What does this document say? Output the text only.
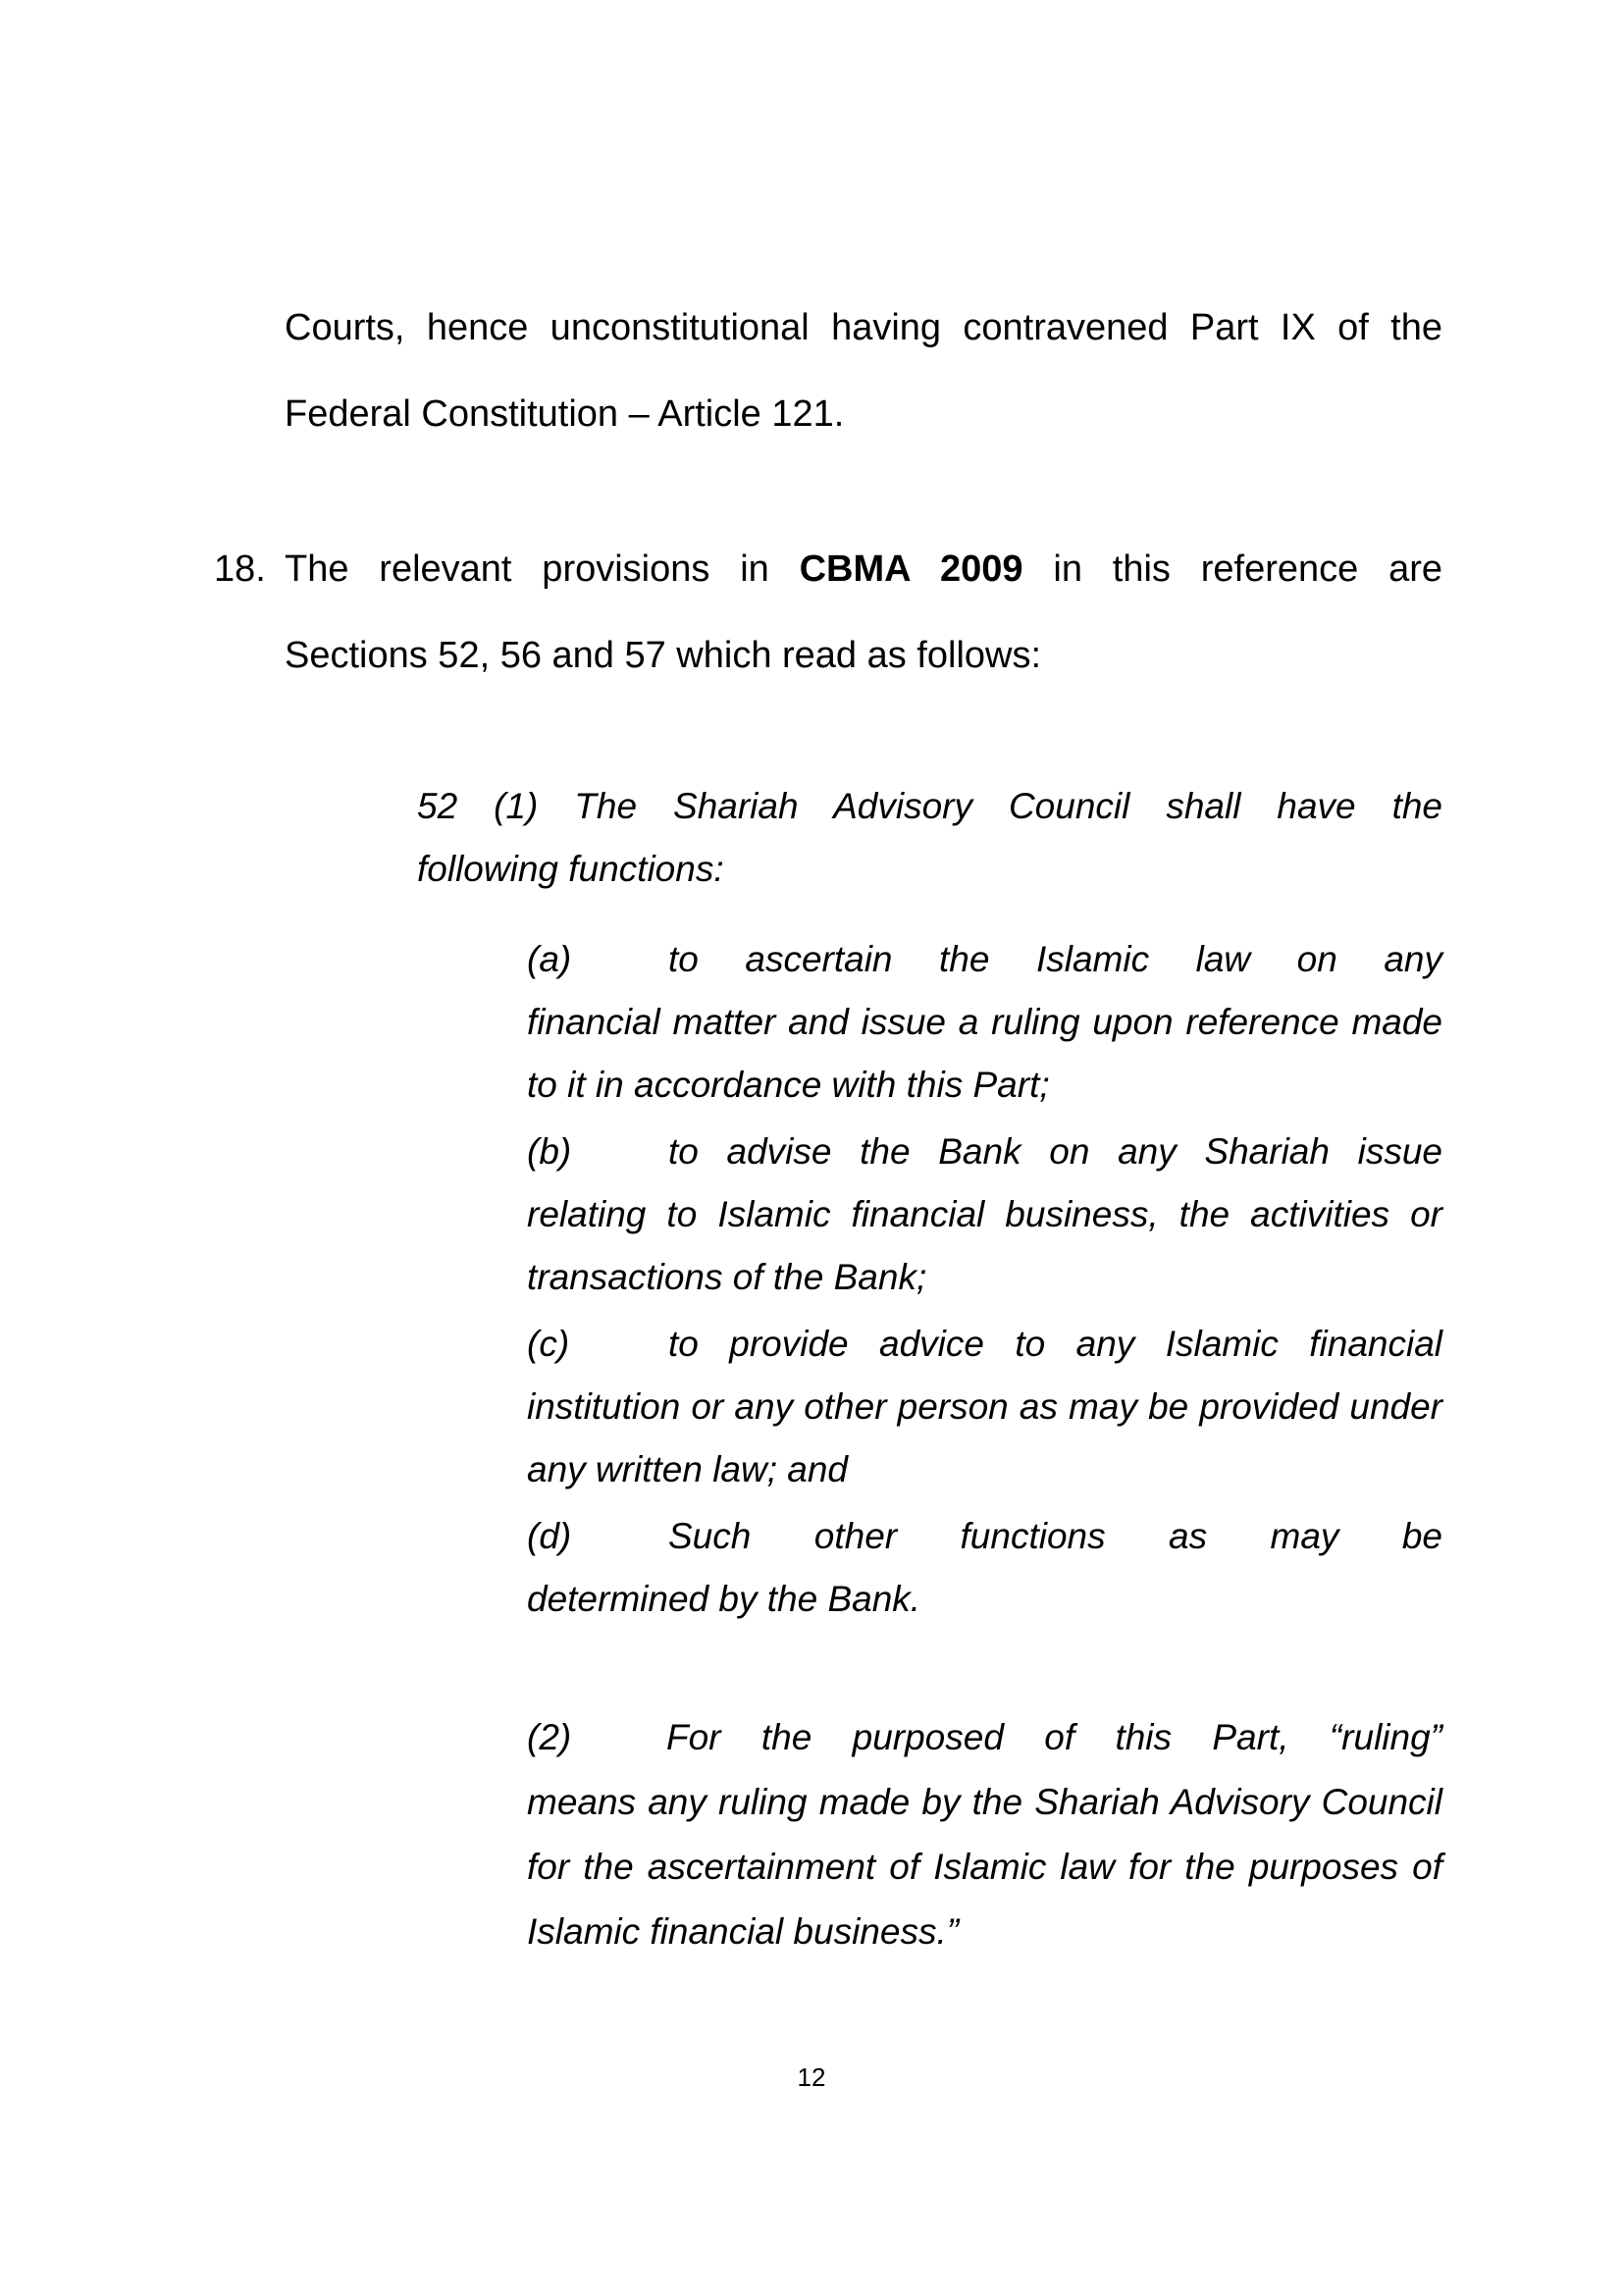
Courts, hence unconstitutional having contravened Part IX of the
Federal Constitution – Article 121.
18. The relevant provisions in CBMA 2009 in this reference are
Sections 52, 56 and 57 which read as follows:
52 (1) The Shariah Advisory Council shall have the
following functions:
(a)	to ascertain the Islamic law on any
financial matter and issue a ruling upon reference made to it in accordance with this Part;
(b)	to advise the Bank on any Shariah issue
relating to Islamic financial business, the activities or transactions of the Bank;
(c)	to provide advice to any Islamic financial
institution or any other person as may be provided under any written law; and
(d)	Such other functions as may be
determined by the Bank.
(2)	For the purposed of this Part, “ruling”
means any ruling made by the Shariah Advisory Council for the ascertainment of Islamic law for the purposes of Islamic financial business.”
12
